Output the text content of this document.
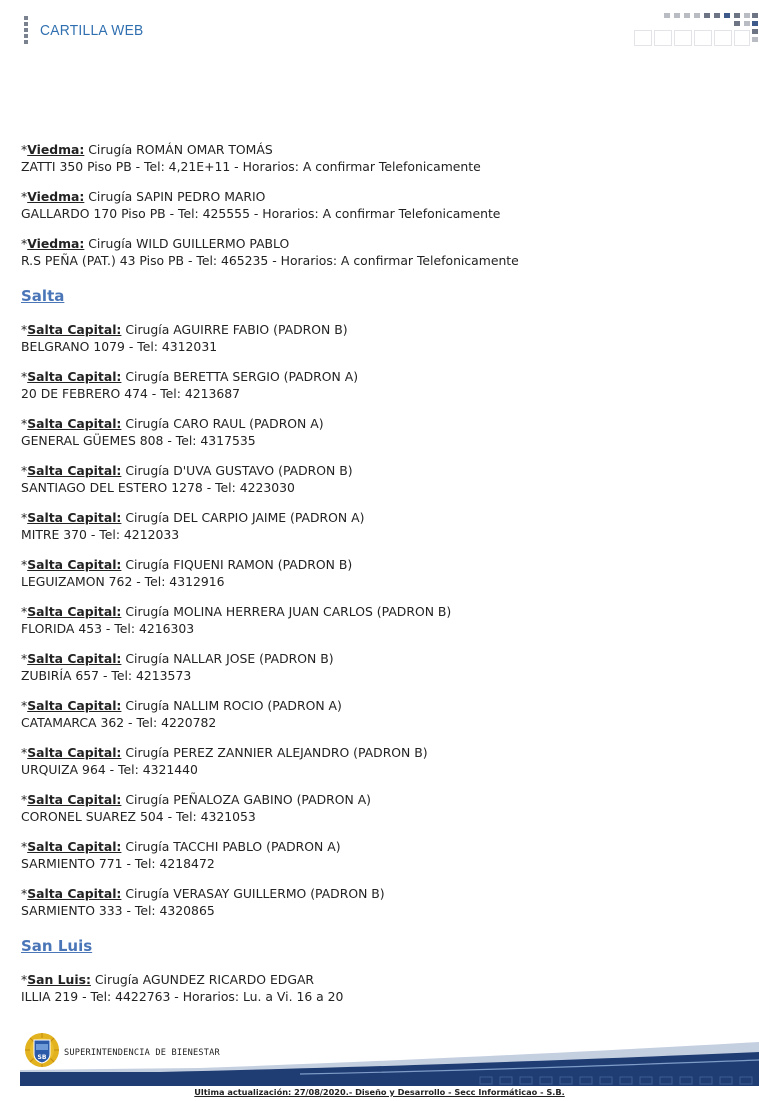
CARTILLA WEB
*Viedma: Cirugía ROMÁN OMAR TOMÁS
ZATTI 350 Piso PB - Tel: 4,21E+11 - Horarios: A confirmar Telefonicamente
*Viedma: Cirugía SAPIN PEDRO MARIO
GALLARDO 170 Piso PB - Tel: 425555 - Horarios: A confirmar Telefonicamente
*Viedma: Cirugía WILD GUILLERMO PABLO
R.S PEÑA (PAT.) 43 Piso PB - Tel: 465235 - Horarios: A confirmar Telefonicamente
Salta
*Salta Capital: Cirugía AGUIRRE FABIO (PADRON B)
BELGRANO 1079 - Tel: 4312031
*Salta Capital: Cirugía BERETTA SERGIO (PADRON A)
20 DE FEBRERO 474 - Tel: 4213687
*Salta Capital: Cirugía CARO RAUL (PADRON A)
GENERAL GÜEMES 808 - Tel: 4317535
*Salta Capital: Cirugía D'UVA GUSTAVO (PADRON B)
SANTIAGO DEL ESTERO 1278 - Tel: 4223030
*Salta Capital: Cirugía DEL CARPIO JAIME (PADRON A)
MITRE 370 - Tel: 4212033
*Salta Capital: Cirugía FIQUENI RAMON (PADRON B)
LEGUIZAMON 762 - Tel: 4312916
*Salta Capital: Cirugía MOLINA HERRERA JUAN CARLOS (PADRON B)
FLORIDA 453 - Tel: 4216303
*Salta Capital: Cirugía NALLAR JOSE (PADRON B)
ZUBIRÍA 657 - Tel: 4213573
*Salta Capital: Cirugía NALLIM ROCIO (PADRON A)
CATAMARCA 362 - Tel: 4220782
*Salta Capital: Cirugía PEREZ ZANNIER ALEJANDRO (PADRON B)
URQUIZA 964 - Tel: 4321440
*Salta Capital: Cirugía PEÑALOZA GABINO (PADRON A)
CORONEL SUAREZ 504 - Tel: 4321053
*Salta Capital: Cirugía TACCHI PABLO (PADRON A)
SARMIENTO 771 - Tel: 4218472
*Salta Capital: Cirugía VERASAY GUILLERMO (PADRON B)
SARMIENTO 333 - Tel: 4320865
San Luis
*San Luis: Cirugía AGUNDEZ RICARDO EDGAR
ILLIA 219 - Tel: 4422763 - Horarios: Lu. a Vi. 16 a 20
SB SUPERINTENDENCIA DE BIENESTAR
Ultima actualización: 27/08/2020.- Diseño y Desarrollo - Secc Informáticao - S.B.
